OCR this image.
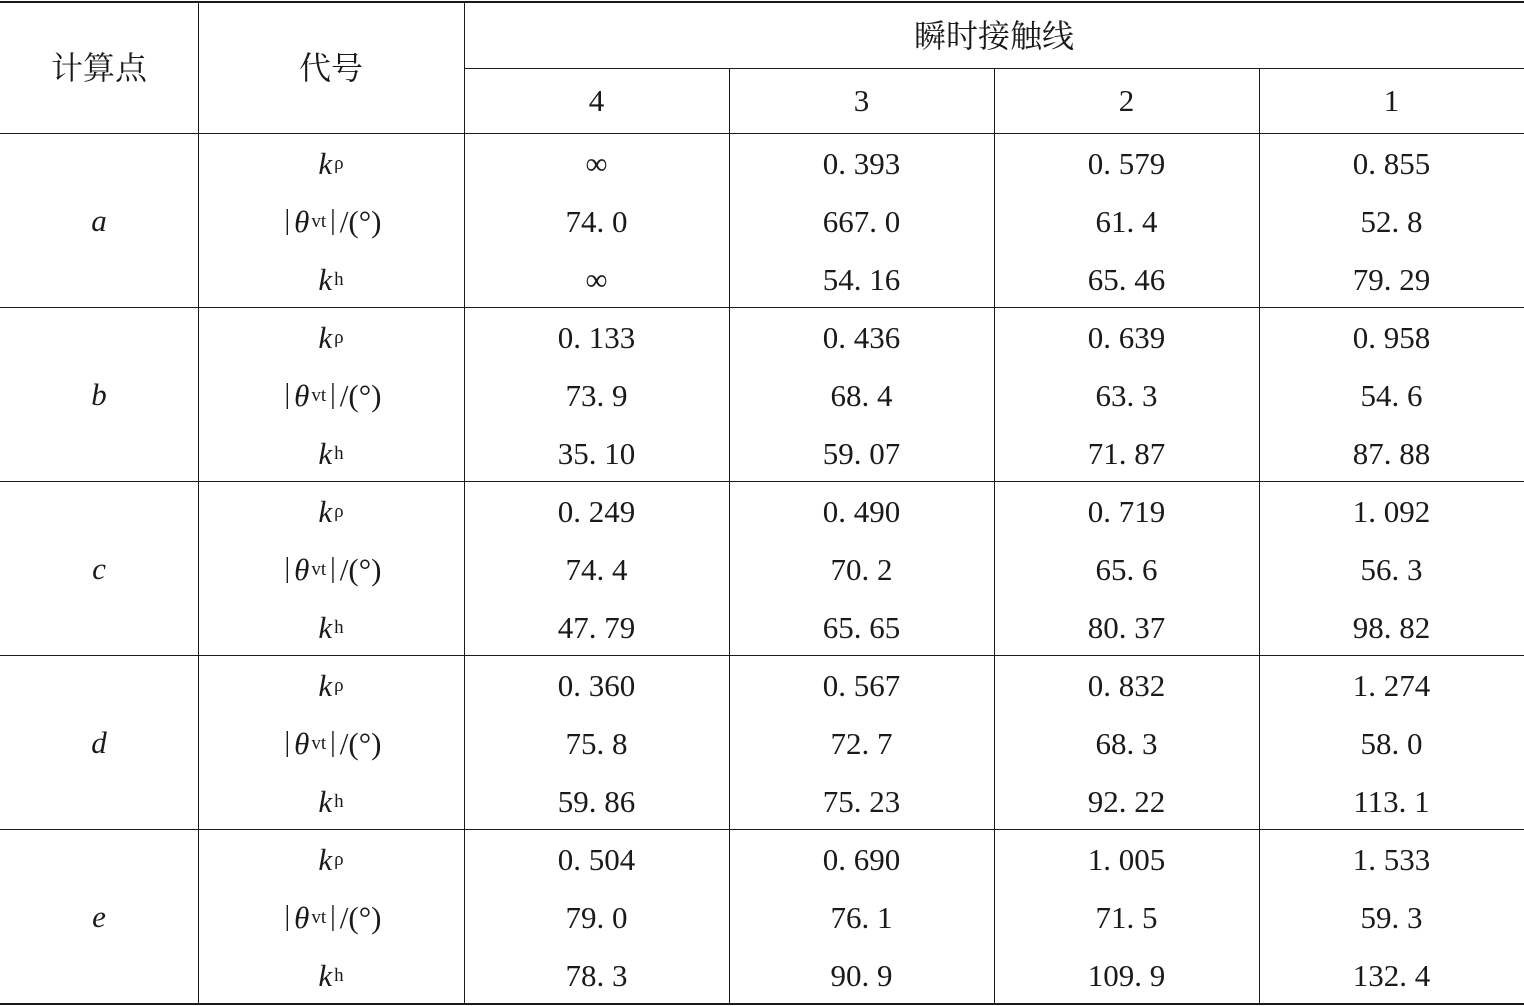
计算点	代号
瞬时接触线
4	3	2	1
a
k ρ	∞	0. 393	0. 579	0. 855
| θ vt | /(°)	74. 0	667. 0	61. 4	52. 8
k h	∞	54. 16	65. 46	79. 29
b
k ρ	0. 133	0. 436	0. 639	0. 958
| θ vt | /(°)	73. 9	68. 4	63. 3	54. 6
k h	35. 10	59. 07	71. 87	87. 88
c
k ρ	0. 249	0. 490	0. 719	1. 092
| θ vt | /(°)	74. 4	70. 2	65. 6	56. 3
k h	47. 79	65. 65	80. 37	98. 82
d
k ρ	0. 360	0. 567	0. 832	1. 274
| θ vt | /(°)	75. 8	72. 7	68. 3	58. 0
k h	59. 86	75. 23	92. 22	113. 1
e
k ρ	0. 504	0. 690	1. 005	1. 533
| θ vt | /(°)	79. 0	76. 1	71. 5	59. 3
k h	78. 3	90. 9	109. 9	132. 4
